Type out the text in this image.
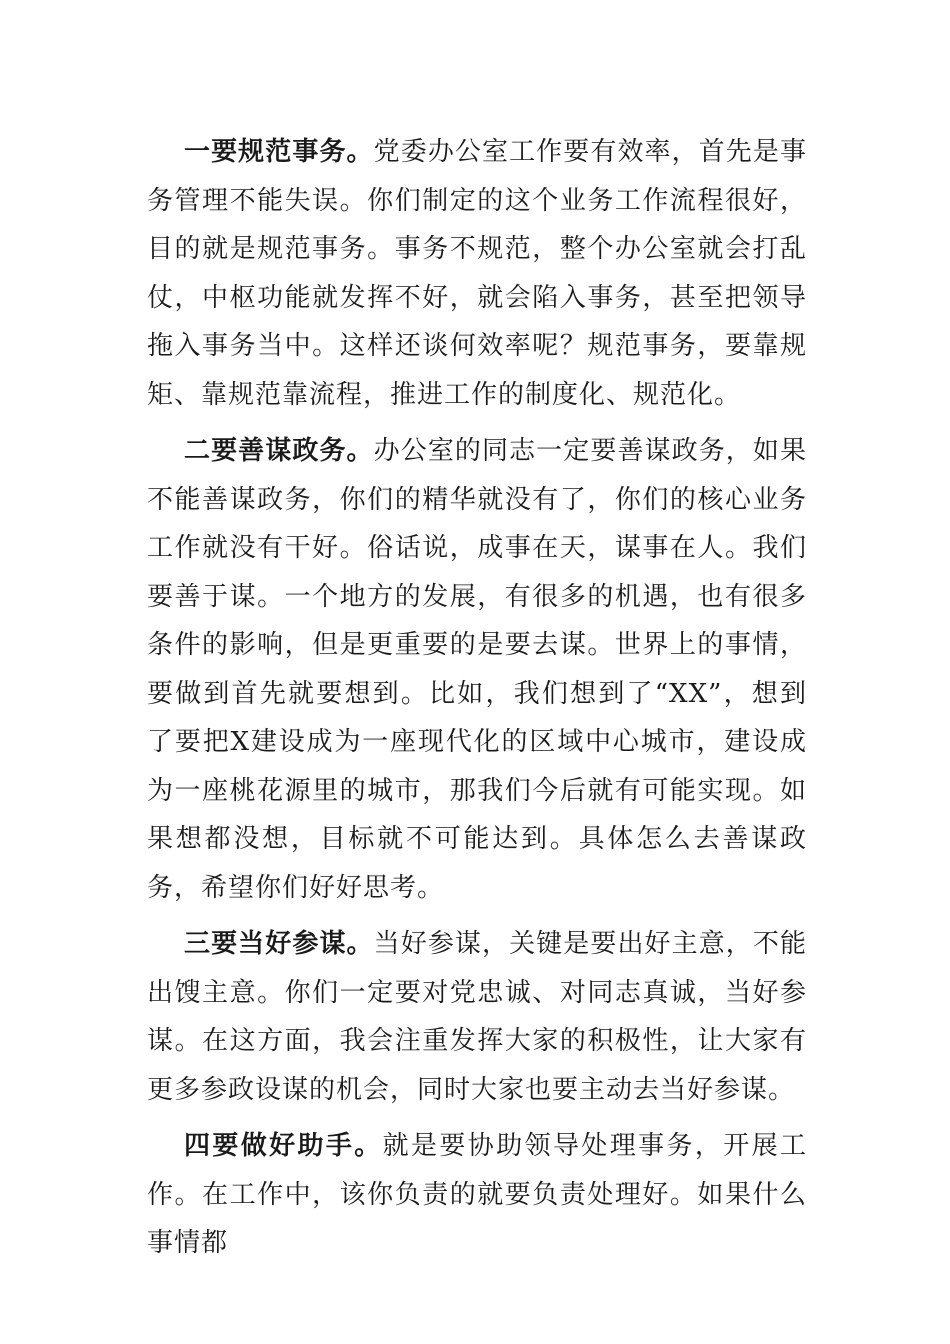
一要规范事务。党委办公室工作要有效率，首先是事务管理不能失误。你们制定的这个业务工作流程很好，目的就是规范事务。事务不规范，整个办公室就会打乱仗，中枢功能就发挥不好，就会陷入事务，甚至把领导拖入事务当中。这样还谈何效率呢？规范事务，要靠规矩、靠规范靠流程，推进工作的制度化、规范化。

二要善谋政务。办公室的同志一定要善谋政务，如果不能善谋政务，你们的精华就没有了，你们的核心业务工作就没有干好。俗话说，成事在天，谋事在人。我们要善于谋。一个地方的发展，有很多的机遇，也有很多条件的影响，但是更重要的是要去谋。世界上的事情，要做到首先就要想到。比如，我们想到了“XX”，想到了要把X建设成为一座现代化的区域中心城市，建设成为一座桃花源里的城市，那我们今后就有可能实现。如果想都没想，目标就不可能达到。具体怎么去善谋政务，希望你们好好思考。

三要当好参谋。当好参谋，关键是要出好主意，不能出馊主意。你们一定要对党忠诚、对同志真诚，当好参谋。在这方面，我会注重发挥大家的积极性，让大家有更多参政设谋的机会，同时大家也要主动去当好参谋。

四要做好助手。就是要协助领导处理事务，开展工作。在工作中，该你负责的就要负责处理好。如果什么事情都
